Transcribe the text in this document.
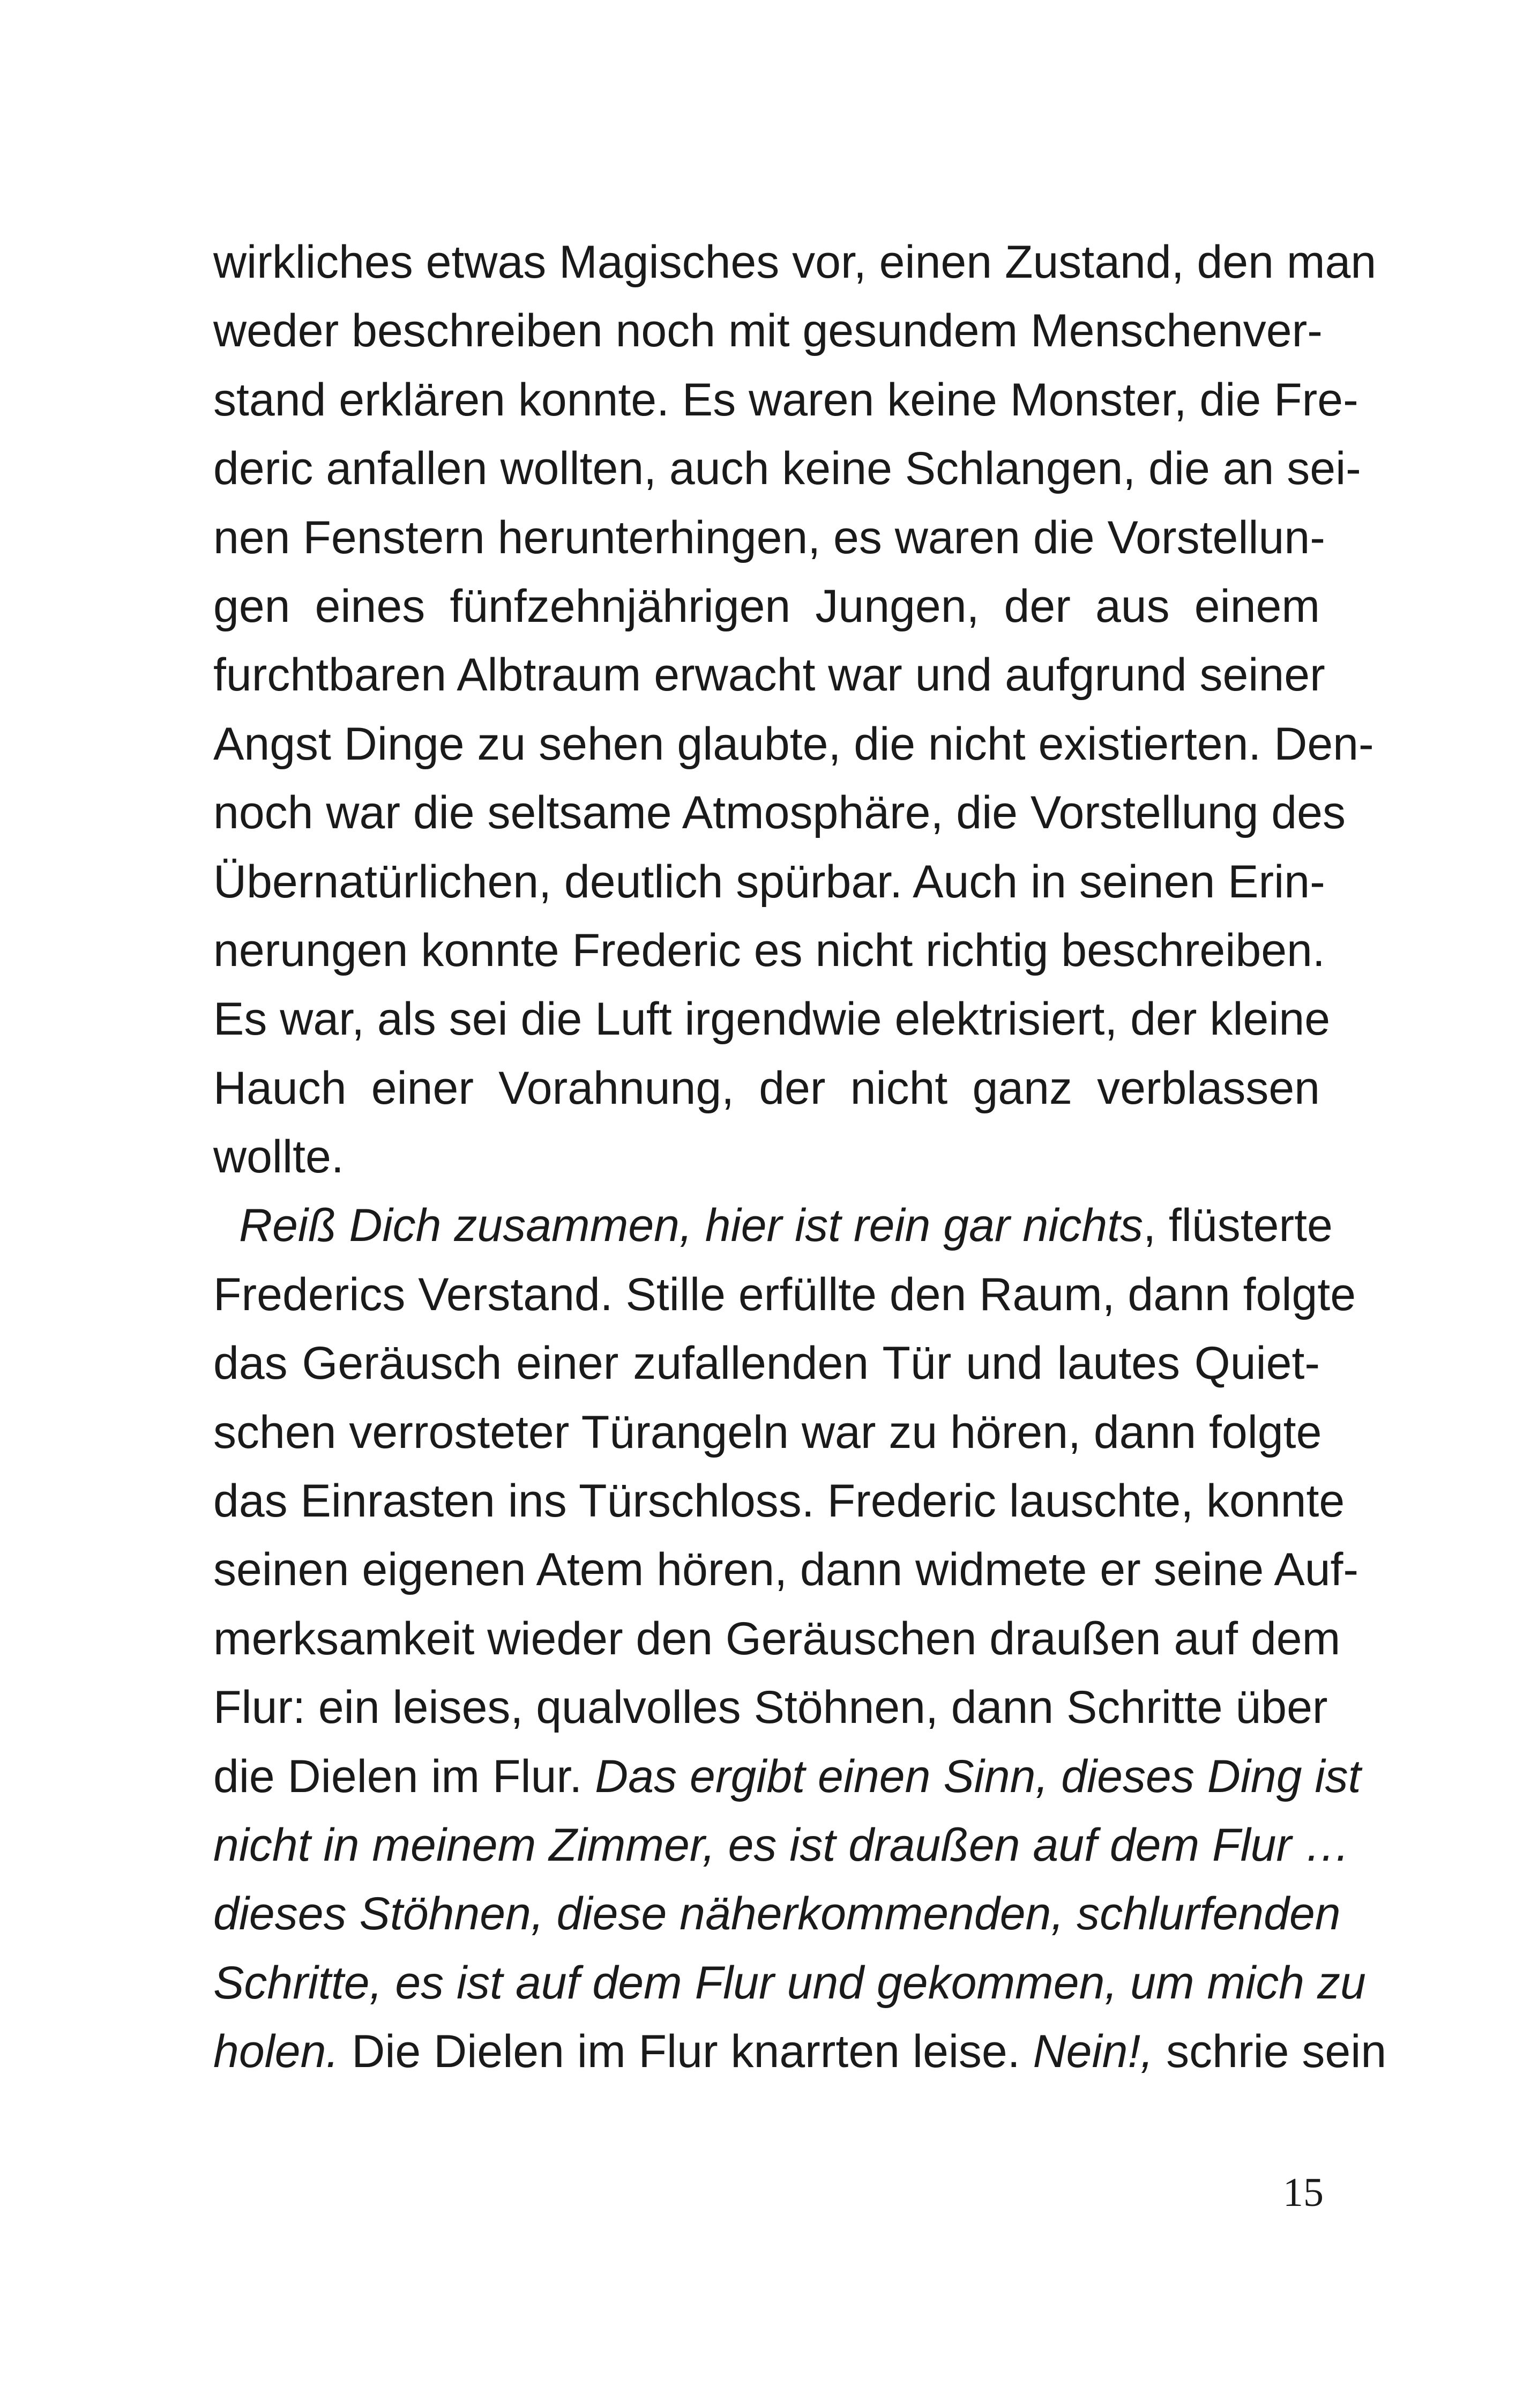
wirkliches etwas Magisches vor, einen Zustand, den man
weder beschreiben noch mit gesundem Menschenver-
stand erklären konnte. Es waren keine Monster, die Fre-
deric anfallen wollten, auch keine Schlangen, die an sei-
nen Fenstern herunterhingen, es waren die Vorstellun-
gen eines fünfzehnjährigen Jungen, der aus einem
furchtbaren Albtraum erwacht war und aufgrund seiner
Angst Dinge zu sehen glaubte, die nicht existierten. Den-
noch war die seltsame Atmosphäre, die Vorstellung des
Übernatürlichen, deutlich spürbar. Auch in seinen Erin-
nerungen konnte Frederic es nicht richtig beschreiben.
Es war, als sei die Luft irgendwie elektrisiert, der kleine
Hauch einer Vorahnung, der nicht ganz verblassen
wollte.
Reiß Dich zusammen, hier ist rein gar nichts, flüsterte
Frederics Verstand. Stille erfüllte den Raum, dann folgte
das Geräusch einer zufallenden Tür und lautes Quiet-
schen verrosteter Türangeln war zu hören, dann folgte
das Einrasten ins Türschloss. Frederic lauschte, konnte
seinen eigenen Atem hören, dann widmete er seine Auf-
merksamkeit wieder den Geräuschen draußen auf dem
Flur: ein leises, qualvolles Stöhnen, dann Schritte über
die Dielen im Flur. Das ergibt einen Sinn, dieses Ding ist
nicht in meinem Zimmer, es ist draußen auf dem Flur …
dieses Stöhnen, diese näherkommenden, schlurfenden
Schritte, es ist auf dem Flur und gekommen, um mich zu
holen. Die Dielen im Flur knarrten leise. Nein!, schrie sein
15
